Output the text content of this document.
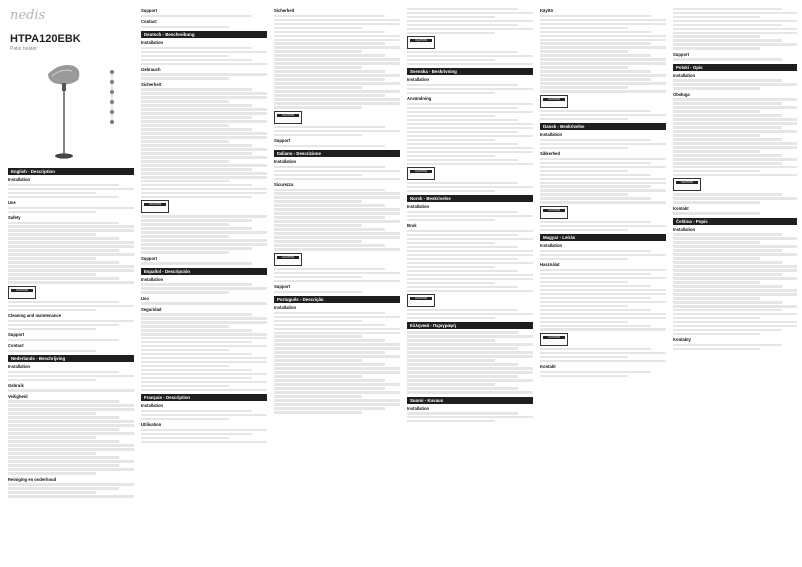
nedis
HTPA120EBK
Patio heater
English - Description
Installation
Use
Safety
CAUTION
Cleaning and maintenance
Support
Contact
Nederlands - Beschrijving
Installation
Gebruik
Veiligheid
Reiniging en onderhoud
Support
Contact
Deutsch - Beschreibung
Installation
Gebrauch
Sicherheit
CAUTION
Support
Español - Descripción
Installation
Uso
Seguridad
Français - Description
Installation
Utilisation
Sicherheit
CAUTION
Support
Italiano - Descrizione
Installation
Sicurezza
CAUTION
Support
Português - Descrição
Installation
CAUTION
Svenska - Beskrivning
Installation
Användning
CAUTION
Norsk - Beskrivelse
Installation
Bruk
CAUTION
Ελληνικά - Περιγραφή
Suomi - Kuvaus
Installation
Käyttö
CAUTION
Dansk - Beskrivelse
Installation
Sikkerhed
CAUTION
Magyar - Leírás
Installation
Használat
CAUTION
Kontakt
Support
Polski - Opis
Installation
Obsługa
CAUTION
Kontakt
Čeština - Popis
Installation
Kontakty
